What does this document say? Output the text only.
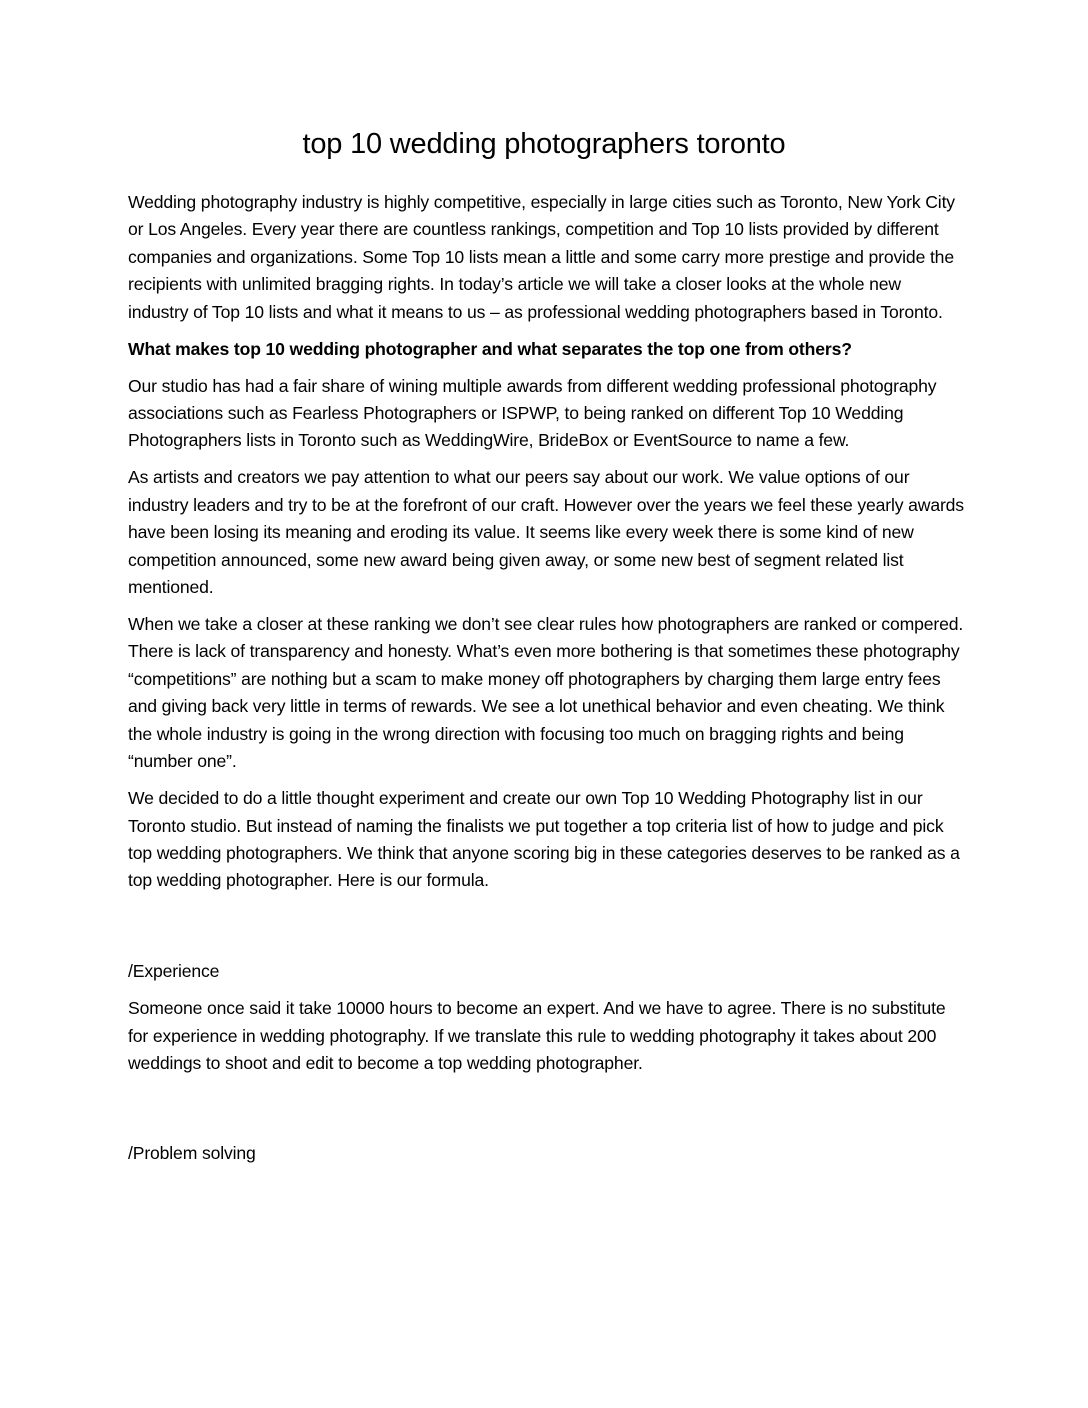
top 10 wedding photographers toronto

Wedding photography industry is highly competitive, especially in large cities such as Toronto, New York City or Los Angeles. Every year there are countless rankings, competition and Top 10 lists provided by different companies and organizations. Some Top 10 lists mean a little and some carry more prestige and provide the recipients with unlimited bragging rights. In today’s article we will take a closer looks at the whole new industry of Top 10 lists and what it means to us – as professional wedding photographers based in Toronto.

What makes top 10 wedding photographer and what separates the top one from others?

Our studio has had a fair share of wining multiple awards from different wedding professional photography associations such as Fearless Photographers or ISPWP, to being ranked on different Top 10 Wedding Photographers lists in Toronto such as WeddingWire, BrideBox or EventSource to name a few.

As artists and creators we pay attention to what our peers say about our work. We value options of our industry leaders and try to be at the forefront of our craft. However over the years we feel these yearly awards have been losing its meaning and eroding its value. It seems like every week there is some kind of new competition announced, some new award being given away, or some new best of segment related list mentioned.

When we take a closer at these ranking we don’t see clear rules how photographers are ranked or compered. There is lack of transparency and honesty. What’s even more bothering is that sometimes these photography “competitions” are nothing but a scam to make money off photographers by charging them large entry fees and giving back very little in terms of rewards. We see a lot unethical behavior and even cheating. We think the whole industry is going in the wrong direction with focusing too much on bragging rights and being “number one”.

We decided to do a little thought experiment and create our own Top 10 Wedding Photography list in our Toronto studio. But instead of naming the finalists we put together a top criteria list of how to judge and pick top wedding photographers. We think that anyone scoring big in these categories deserves to be ranked as a top wedding photographer. Here is our formula.

/Experience

Someone once said it take 10000 hours to become an expert. And we have to agree. There is no substitute for experience in wedding photography. If we translate this rule to wedding photography it takes about 200 weddings to shoot and edit to become a top wedding photographer.

/Problem solving
